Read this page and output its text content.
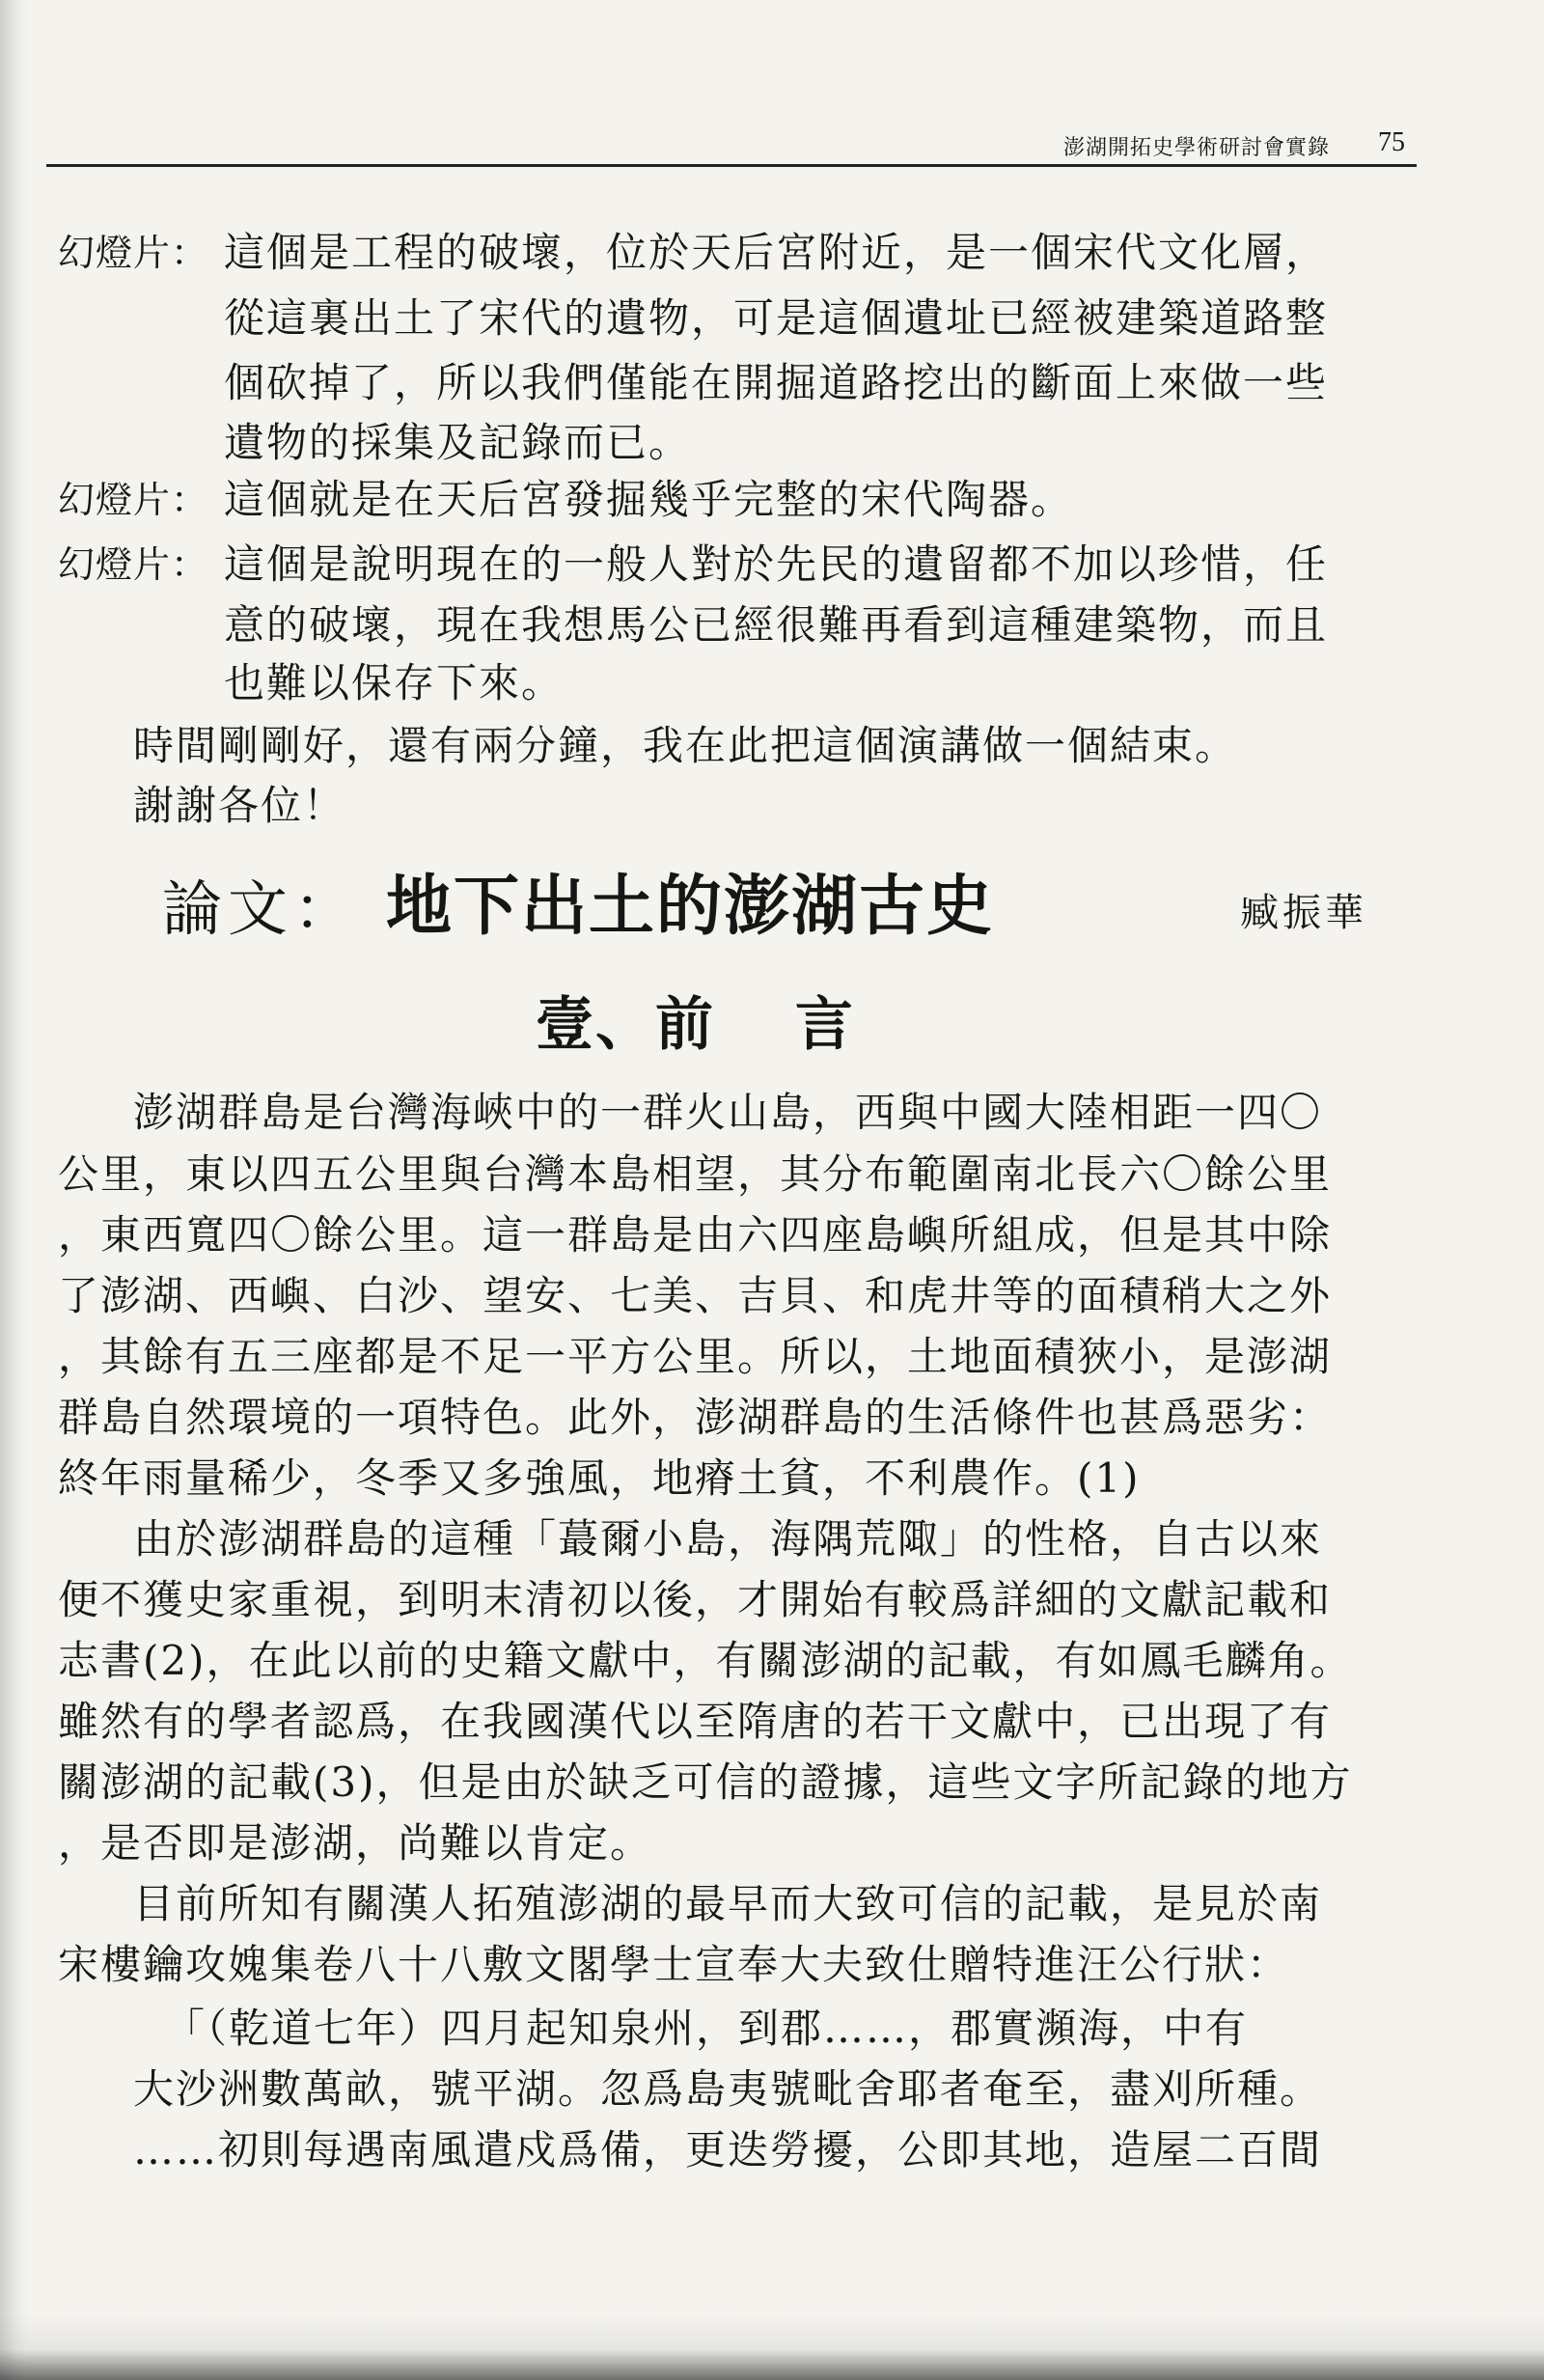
澎湖開拓史學術研討會實錄 75
幻燈片： 這個是工程的破壞，位於天后宮附近，是一個宋代文化層，
從這裏出土了宋代的遺物，可是這個遺址已經被建築道路整
個砍掉了，所以我們僅能在開掘道路挖出的斷面上來做一些
遺物的採集及記錄而已。
幻燈片： 這個就是在天后宮發掘幾乎完整的宋代陶器。
幻燈片： 這個是說明現在的一般人對於先民的遺留都不加以珍惜，任
意的破壞，現在我想馬公已經很難再看到這種建築物，而且
也難以保存下來。
時間剛剛好，還有兩分鐘，我在此把這個演講做一個結束。
謝謝各位！
論文： 地下出土的澎湖古史	臧振華
壹、前 言
澎湖群島是台灣海峽中的一群火山島，西與中國大陸相距一四〇
公里，東以四五公里與台灣本島相望，其分布範圍南北長六〇餘公里
，東西寬四〇餘公里。這一群島是由六四座島嶼所組成，但是其中除
了澎湖、西嶼、白沙、望安、七美、吉貝、和虎井等的面積稍大之外
，其餘有五三座都是不足一平方公里。所以，土地面積狹小，是澎湖
群島自然環境的一項特色。此外，澎湖群島的生活條件也甚爲惡劣：
終年雨量稀少，冬季又多強風，地瘠土貧，不利農作。(1)
由於澎湖群島的這種「蕞爾小島，海隅荒陬」的性格，自古以來
便不獲史家重視，到明末清初以後，才開始有較爲詳細的文獻記載和
志書(2)，在此以前的史籍文獻中，有關澎湖的記載，有如鳳毛麟角。
雖然有的學者認爲，在我國漢代以至隋唐的若干文獻中，已出現了有
關澎湖的記載(3)，但是由於缺乏可信的證據，這些文字所記錄的地方
，是否即是澎湖，尚難以肯定。
目前所知有關漢人拓殖澎湖的最早而大致可信的記載，是見於南
宋樓鑰攻媿集卷八十八敷文閣學士宣奉大夫致仕贈特進汪公行狀：
「（乾道七年）四月起知泉州，到郡……，郡實瀕海，中有
大沙洲數萬畝，號平湖。忽爲島夷號毗舍耶者奄至，盡刈所種。
……初則每遇南風遣戍爲備，更迭勞擾，公即其地，造屋二百間
